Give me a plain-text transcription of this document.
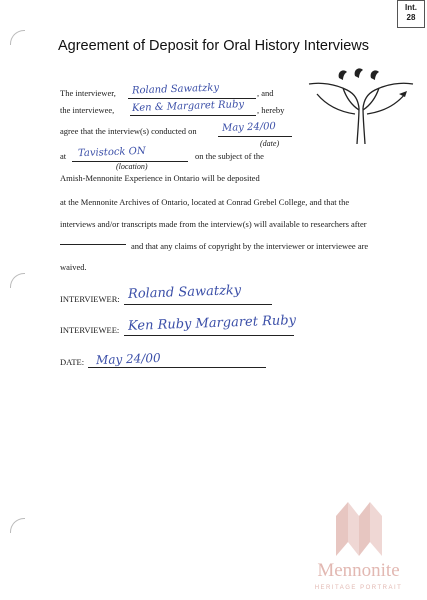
Int.
28
Agreement of Deposit for Oral History Interviews
The interviewer, Roland Sawatzky	, and
the interviewee, Ken & Margaret Ruby , hereby
agree that the interview(s) conducted on	May 24/00
(date)
at Tavistock ON
(location)
on the subject of the
Amish-Mennonite Experience in Ontario will be deposited
at the Mennonite Archives of Ontario, located at Conrad Grebel College, and that the
interviews and/or transcripts made from the interview(s) will available to researchers after
and that any claims of copyright by the interviewer or interviewee are
waived.
INTERVIEWER: Roland Sawatzky
INTERVIEWEE: Ken Ruby Margaret Ruby
DATE: May 24/00
Mennonite
HERITAGE PORTRAIT
